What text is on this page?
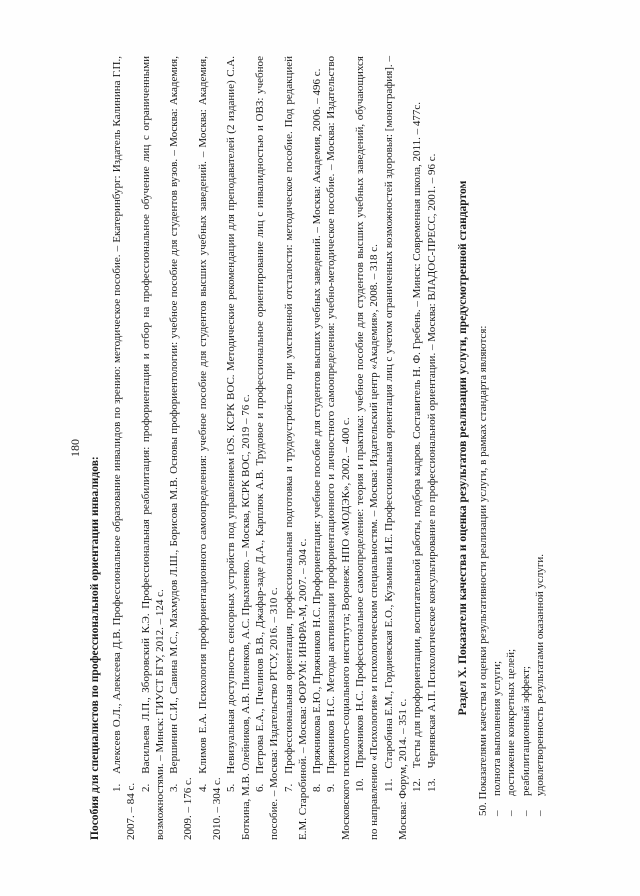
180
Пособия для специалистов по профессиональной ориентации инвалидов: 1.Алексеев О.Л., Алексеева Д.В. Профессиональное образование инвалидов по зрению: методическое пособие. – Екатеринбург: Издатель Калинина Г.П., 2007. – 84 с. 2.Васильева Л.П., Зборовский К.Э. Профессиональная реабилитация: профориентация и отбор на профессиональное обучение лиц с ограниченными возможностями. – Минск: ГИУСТ БГУ, 2012. – 124 с. 3.Вершинин С.И., Савина М.С., Махмудов Л.Ш., Борисова М.В. Основы профориентологии: учебное пособие для студентов вузов. – Москва: Академия, 2009. – 176 с. 4.Климов Е.А. Психология профориентационного самоопределения: учебное пособие для студентов высших учебных заведений. – Москва: Академия, 2010. – 304 с. 5.Невизуальная доступность сенсорных устройств под управлением iOS. КСРК ВОС. Методические рекомендации для преподавателей (2 издание) С.А. Боткина, М.В. Олейников, А.В. Пиленков, А.С. Прыхненко. – Москва, КСРК ВОС, 2019 – 76 с. 6.Петрова Е.А., Пчелинов В.В., Джафар-заде Д.А., Карплюк А.В. Трудовое и профессиональное ориентирование лиц с инвалидностью и ОВЗ: учебное пособие. – Москва: Издательство РГСУ, 2016. – 310 с. 7.Профессиональная ориентация, профессиональная подготовка и трудоустройство при умственной отсталости: методическое пособие. Под редакцией Е.М. Старобиной. – Москва: ФОРУМ: ИНФРА-М, 2007. – 304 с. 8.Пряжникова Е.Ю., Пряжников Н.С. Профориентация: учебное пособие для студентов высших учебных заведений. – Москва: Академия, 2006. – 496 с.

9.Пряжников Н.С. Методы активизации профориентационного и личностного самоопределения: учебно-методическое пособие. – Москва: Издательство Московского психолого-социального института; Воронеж: НПО «МОДЭК», 2002. – 400 с. 10.Пряжников Н.С. Профессиональное самоопределение: теория и практика: учебное пособие для студентов высших учебных заведений, обучающихся по направлению «Психология» и психологическим специальностям. – Москва: Издательский центр «Академия», 2008. – 318 с. 11.Старобина Е.М., Гордиевская Е.О., Кузьмина И.Е. Профессиональная ориентация лиц с учетом ограниченных возможностей здоровья: [монография]. – Москва: Форум, 2014. – 351 с. 12.Тесты для профориентации, воспитательной работы, подбора кадров. Составитель Н. Ф. Гребень. – Минск: Современная школа, 2011. – 477с.

13.Чернявская А.П. Психологическое консультирование по профессиональной ориентации. – Москва: ВЛАДОС-ПРЕСС, 2001. – 96 с. Раздел X. Показатели качества и оценка результатов реализации услуги, предусмотренной стандартом 50. Показателями качества и оценки результативности реализации услуги, в рамках стандарта являются: –полнота выполнения услуги;
–достижение конкретных целей;
–реабилитационный эффект;
–удовлетворенность результатами оказанной услуги.
